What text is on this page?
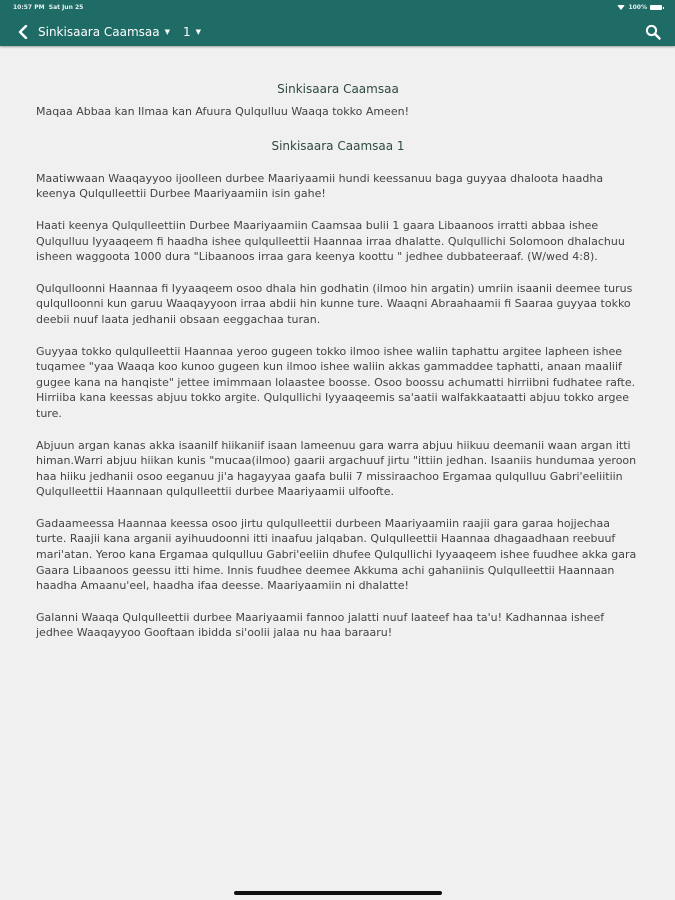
10:57 PM Sat Jun 25	100%
Sinkisaara Caamsaa ▼ 1 ▼

Sinkisaara Caamsaa

Maqaa Abbaa kan Ilmaa kan Afuura Qulqulluu Waaqa tokko Ameen!

Sinkisaara Caamsaa 1

Maatiwwaan Waaqayyoo ijoolleen durbee Maariyaamii hundi keessanuu baga guyyaa dhaloota haadha keenya Qulqulleettii Durbee Maariyaamiin isin gahe!

Haati keenya Qulqulleettiin Durbee Maariyaamiin Caamsaa bulii 1 gaara Libaanoos irratti abbaa ishee Qulqulluu Iyyaaqeem fi haadha ishee qulqulleettii Haannaa irraa dhalatte. Qulqullichi Solomoon dhalachuu isheen waggoota 1000 dura "Libaanoos irraa gara keenya koottu " jedhee dubbateeraaf. (W/wed 4:8).

Qulqulloonni Haannaa fi Iyyaaqeem osoo dhala hin godhatin (ilmoo hin argatin) umriin isaanii deemee turus qulqulloonni kun garuu Waaqayyoon irraa abdii hin kunne ture. Waaqni Abraahaamii fi Saaraa guyyaa tokko deebii nuuf laata jedhanii obsaan eeggachaa turan.

Guyyaa tokko qulqulleettii Haannaa yeroo gugeen tokko ilmoo ishee waliin taphattu argitee lapheen ishee tuqamee "yaa Waaqa koo kunoo gugeen kun ilmoo ishee waliin akkas gammaddee taphatti, anaan maaliif gugee kana na hanqiste" jettee imimmaan lolaastee boosse. Osoo boossu achumatti hirriibni fudhatee rafte. Hirriiba kana keessas abjuu tokko argite. Qulqullichi Iyyaaqeemis sa'aatii walfakkaataatti abjuu tokko argee ture.

Abjuun argan kanas akka isaanilf hiikaniif isaan lameenuu gara warra abjuu hiikuu deemanii waan argan itti himan.Warri abjuu hiikan kunis "mucaa(ilmoo) gaarii argachuuf jirtu "ittiin jedhan. Isaaniis hundumaa yeroon haa hiiku jedhanii osoo eeganuu ji'a hagayyaa gaafa bulii 7 missiraachoo Ergamaa qulqulluu Gabri'eeliitiin Qulqulleettii Haannaan qulqulleettii durbee Maariyaamii ulfoofte.

Gadaameessa Haannaa keessa osoo jirtu qulqulleettii durbeen Maariyaamiin raajii gara garaa hojjechaa turte. Raajii kana arganii ayihuudoonni itti inaafuu jalqaban. Qulqulleettii Haannaa dhagaadhaan reebuuf mari'atan. Yeroo kana Ergamaa qulqulluu Gabri'eeliin dhufee Qulqullichi Iyyaaqeem ishee fuudhee akka gara Gaara Libaanoos geessu itti hime. Innis fuudhee deemee Akkuma achi gahaniinis Qulqulleettii Haannaan haadha Amaanu'eel, haadha ifaa deesse. Maariyaamiin ni dhalatte!

Galanni Waaqa Qulqulleettii durbee Maariyaamii fannoo jalatti nuuf laateef haa ta'u! Kadhannaa isheef jedhee Waaqayyoo Gooftaan ibidda si'oolii jalaa nu haa baraaru!
